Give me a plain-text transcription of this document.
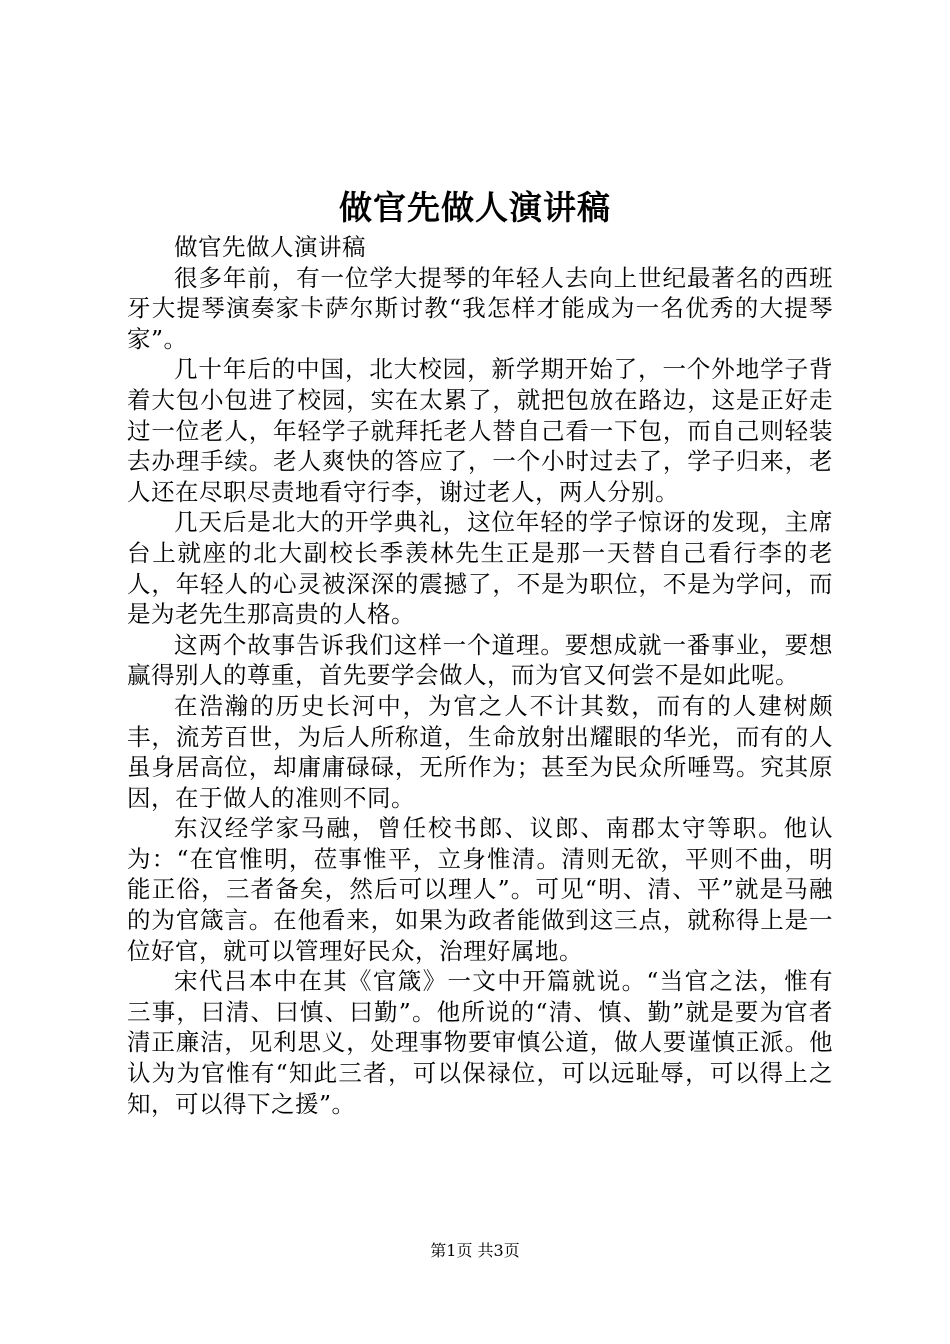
做官先做人演讲稿

做官先做人演讲稿

很多年前，有一位学大提琴的年轻人去向上世纪最著名的西班牙大提琴演奏家卡萨尔斯讨教“我怎样才能成为一名优秀的大提琴家”。

几十年后的中国，北大校园，新学期开始了，一个外地学子背着大包小包进了校园，实在太累了，就把包放在路边，这是正好走过一位老人，年轻学子就拜托老人替自己看一下包，而自己则轻装去办理手续。老人爽快的答应了，一个小时过去了，学子归来，老人还在尽职尽责地看守行李，谢过老人，两人分别。

几天后是北大的开学典礼，这位年轻的学子惊讶的发现，主席台上就座的北大副校长季羡林先生正是那一天替自己看行李的老人，年轻人的心灵被深深的震撼了，不是为职位，不是为学问，而是为老先生那高贵的人格。

这两个故事告诉我们这样一个道理。要想成就一番事业，要想赢得别人的尊重，首先要学会做人，而为官又何尝不是如此呢。

在浩瀚的历史长河中，为官之人不计其数，而有的人建树颇丰，流芳百世，为后人所称道，生命放射出耀眼的华光，而有的人虽身居高位，却庸庸碌碌，无所作为；甚至为民众所唾骂。究其原因，在于做人的准则不同。

东汉经学家马融，曾任校书郎、议郎、南郡太守等职。他认为：“在官惟明，莅事惟平，立身惟清。清则无欲，平则不曲，明能正俗，三者备矣，然后可以理人”。可见“明、清、平”就是马融的为官箴言。在他看来，如果为政者能做到这三点，就称得上是一位好官，就可以管理好民众，治理好属地。

宋代吕本中在其《官箴》一文中开篇就说。“当官之法，惟有三事，曰清、曰慎、曰勤”。他所说的“清、慎、勤”就是要为官者清正廉洁，见利思义，处理事物要审慎公道，做人要谨慎正派。他认为为官惟有“知此三者，可以保禄位，可以远耻辱，可以得上之知，可以得下之援”。

第1页 共3页
